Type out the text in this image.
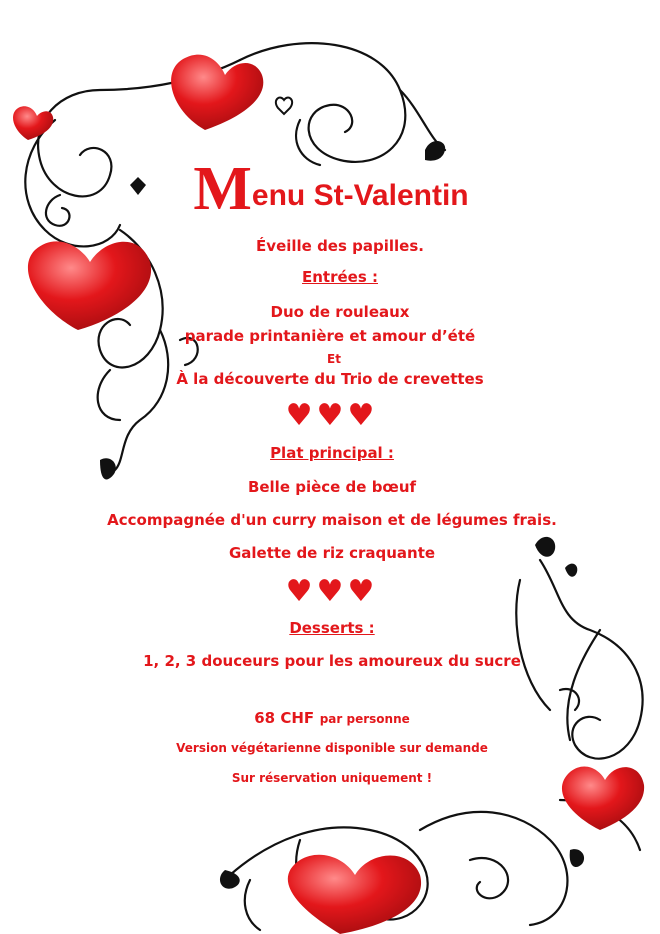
Menu St-Valentin
Éveille des papilles.
Entrées :
Duo de rouleaux
parade printanière et amour d’été
Et
À la découverte du Trio de crevettes
♥♥♥
Plat principal :
Belle pièce de bœuf
Accompagnée d'un curry maison et de légumes frais.
Galette de riz craquante
♥♥♥
Desserts :
1, 2, 3 douceurs pour les amoureux du sucre
68 CHF par personne
Version végétarienne disponible sur demande
Sur réservation uniquement !
